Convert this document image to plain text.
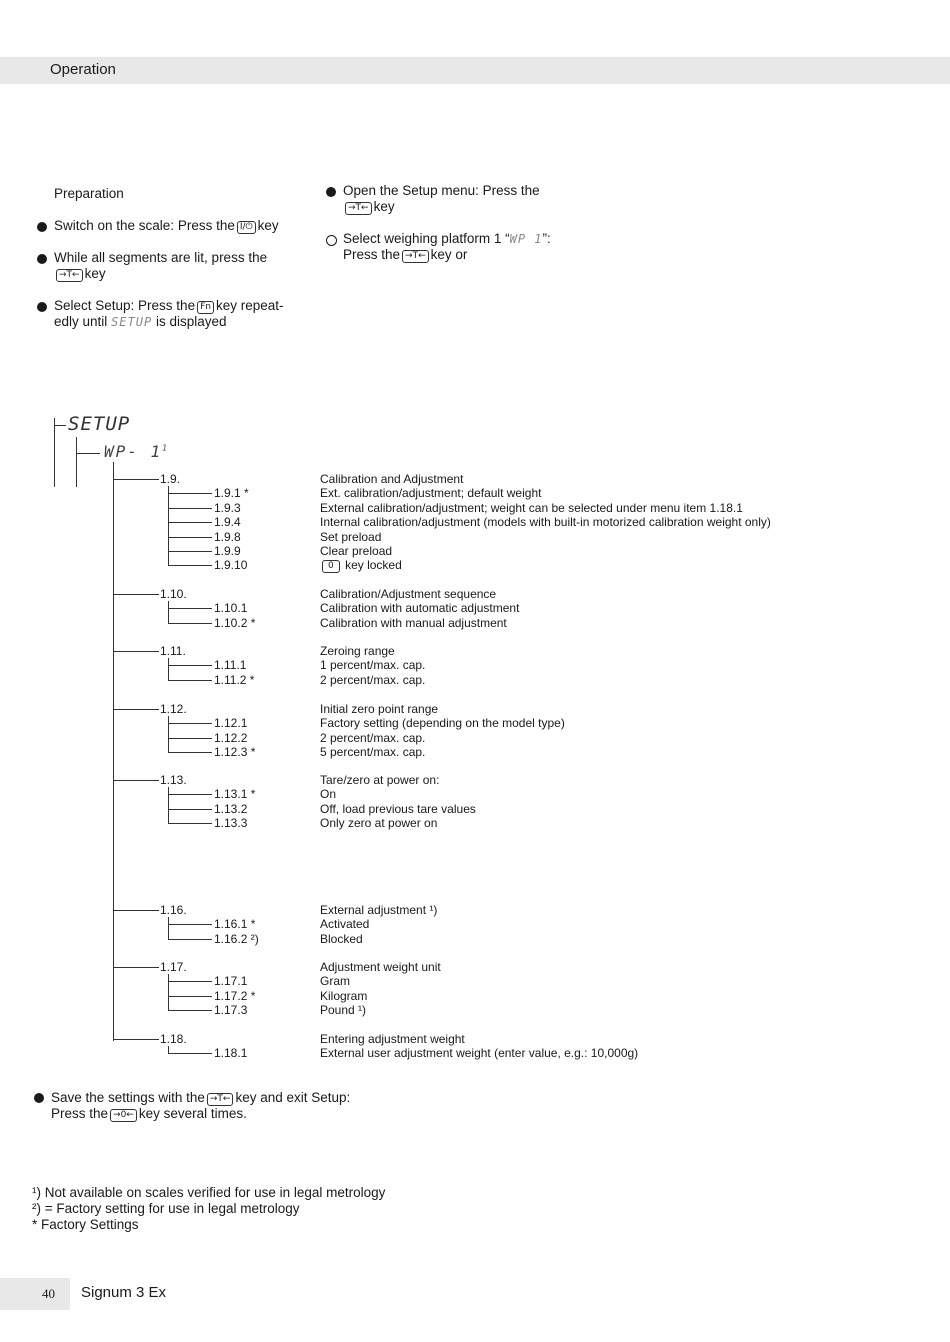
Operation
Preparation
Switch on the scale: Press the I/⏻ key
While all segments are lit, press the
→T← key
Select Setup: Press the Fn key repeat-
edly until SETUP is displayed
Open the Setup menu: Press the
→T← key
Select weighing platform 1 “WP 1”:
Press the →T← key or
SETUP
WP- $1^1$
1.9.	Calibration and Adjustment
1.9.1 *	Ext. calibration/adjustment; default weight
1.9.3	External calibration/adjustment; weight can be selected under menu item 1.18.1
1.9.4	Internal calibration/adjustment (models with built-in motorized calibration weight only)
1.9.8	Set preload
1.9.9	Clear preload
1.9.10	0 key locked
1.10.	Calibration/Adjustment sequence
1.10.1	Calibration with automatic adjustment
1.10.2 *	Calibration with manual adjustment
1.11.	Zeroing range
1.11.1	1 percent/max. cap.
1.11.2 *	2 percent/max. cap.
1.12.	Initial zero point range
1.12.1	Factory setting (depending on the model type)
1.12.2	2 percent/max. cap.
1.12.3 *	5 percent/max. cap.
1.13.	Tare/zero at power on:
1.13.1 *	On
1.13.2	Off, load previous tare values
1.13.3	Only zero at power on
1.16.	External adjustment ¹)
1.16.1 *	Activated
1.16.2 ²)	Blocked
1.17.	Adjustment weight unit
1.17.1	Gram
1.17.2 *	Kilogram
1.17.3	Pound ¹)
1.18.	Entering adjustment weight
1.18.1	External user adjustment weight (enter value, e.g.: 10,000g)
Save the settings with the →T← key and exit Setup:
Press the →0← key several times.
¹) Not available on scales verified for use in legal metrology
²) = Factory setting for use in legal metrology
* Factory Settings
40 Signum 3 Ex
